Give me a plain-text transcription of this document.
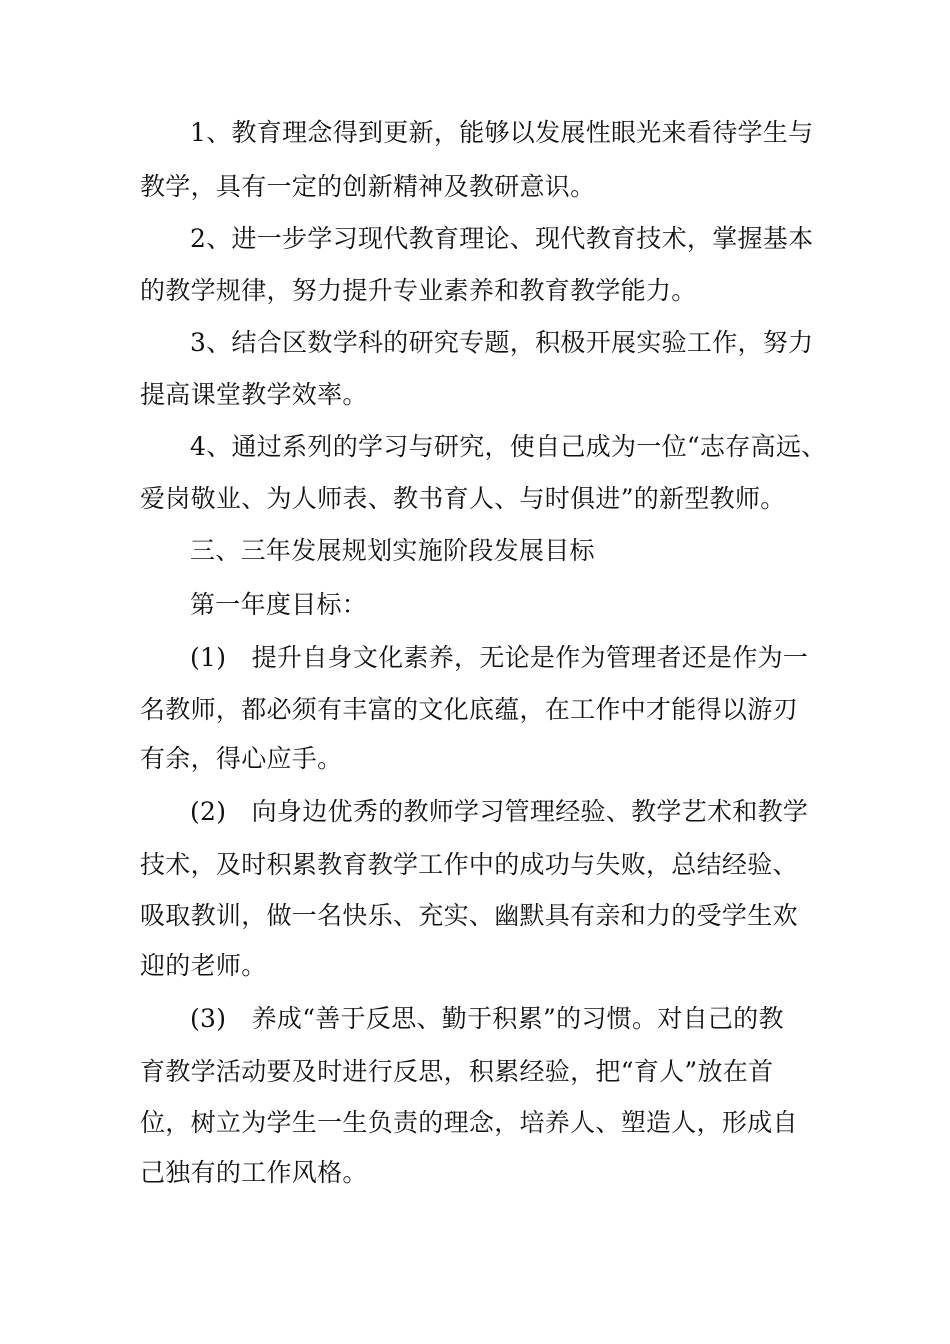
1、教育理念得到更新，能够以发展性眼光来看待学生与
教学，具有一定的创新精神及教研意识。
2、进一步学习现代教育理论、现代教育技术，掌握基本
的教学规律，努力提升专业素养和教育教学能力。
3、结合区数学科的研究专题，积极开展实验工作，努力
提高课堂教学效率。
4、通过系列的学习与研究，使自己成为一位“志存高远、
爱岗敬业、为人师表、教书育人、与时俱进”的新型教师。
三、三年发展规划实施阶段发展目标
第一年度目标：
(1)　提升自身文化素养，无论是作为管理者还是作为一
名教师，都必须有丰富的文化底蕴，在工作中才能得以游刃
有余，得心应手。
(2)　向身边优秀的教师学习管理经验、教学艺术和教学
技术，及时积累教育教学工作中的成功与失败，总结经验、
吸取教训，做一名快乐、充实、幽默具有亲和力的受学生欢
迎的老师。
(3)　养成“善于反思、勤于积累”的习惯。对自己的教
育教学活动要及时进行反思，积累经验，把“育人”放在首
位，树立为学生一生负责的理念，培养人、塑造人，形成自
己独有的工作风格。
